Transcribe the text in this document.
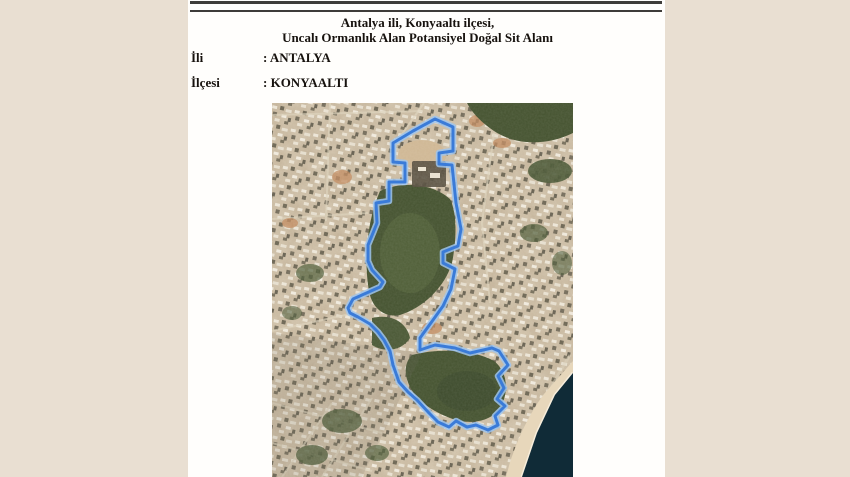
Antalya ili, Konyaaltı ilçesi,
Uncalı Ormanlık Alan Potansiyel Doğal Sit Alanı
İli	: ANTALYA
İlçesi	: KONYAALTI
